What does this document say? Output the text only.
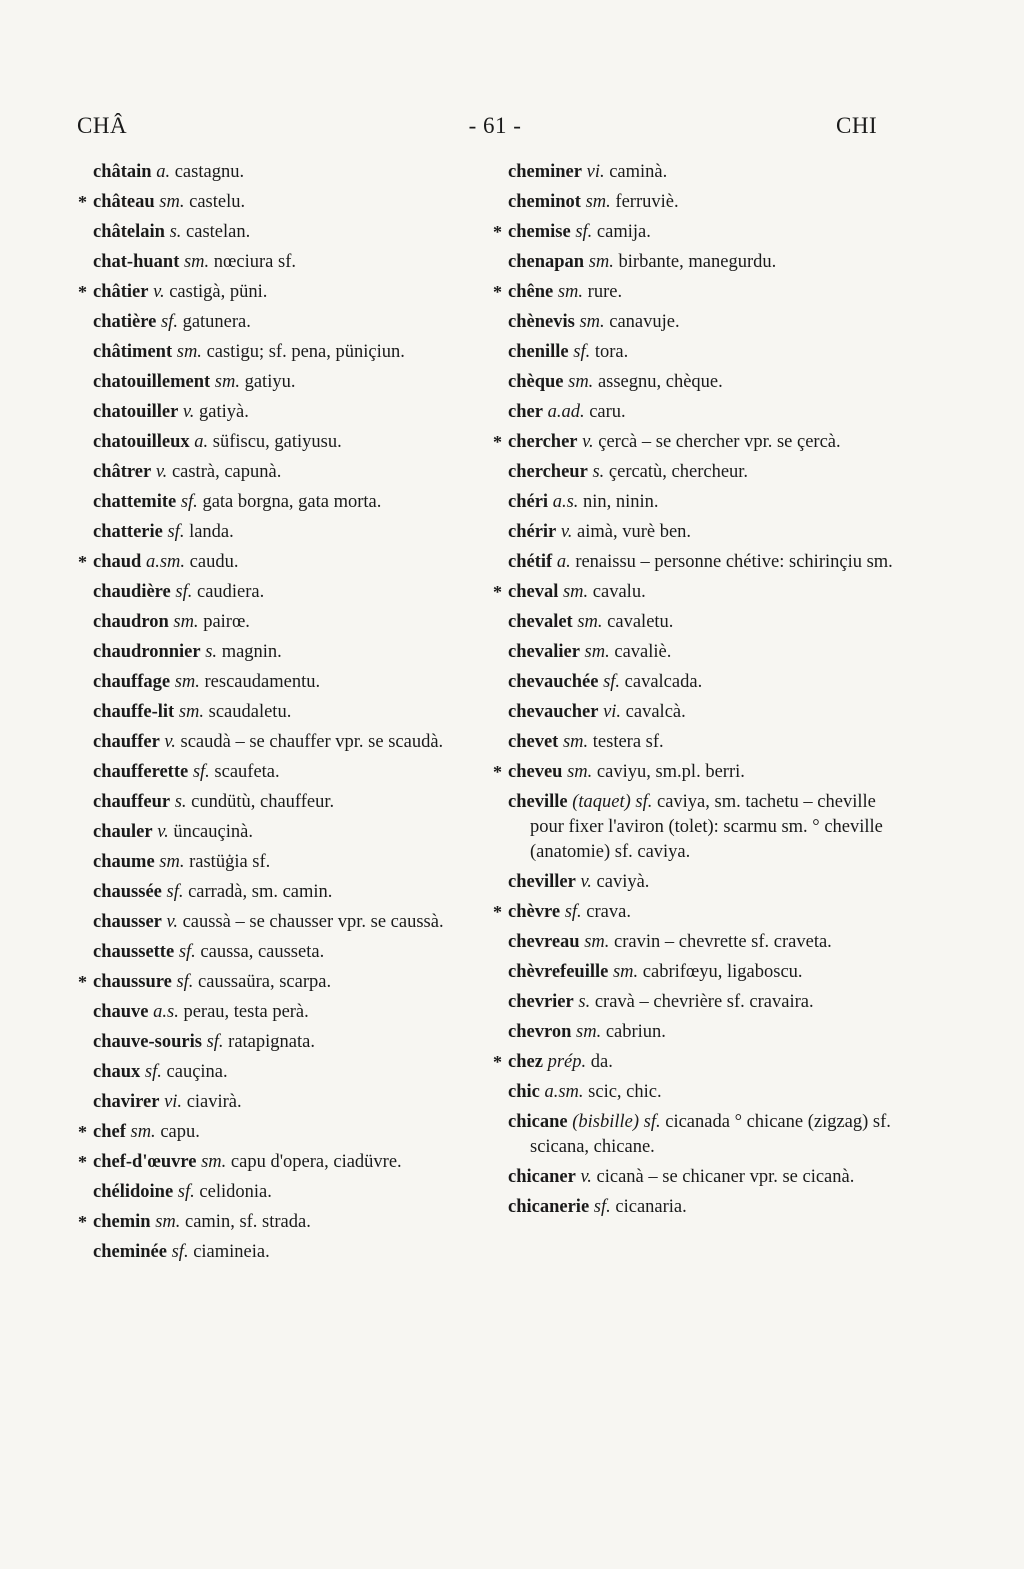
CHÂ	- 61 -	CHI
châtain a. castagnu.
* château sm. castelu.
châtelain s. castelan.
chat-huant sm. nœciura sf.
* châtier v. castigà, püni.
chatière sf. gatunera.
châtiment sm. castigu; sf. pena, püniçiun.
chatouillement sm. gatiyu.
chatouiller v. gatiyà.
chatouilleux a. süfiscu, gatiyusu.
châtrer v. castrà, capunà.
chattemite sf. gata borgna, gata morta.
chatterie sf. landa.
* chaud a.sm. caudu.
chaudière sf. caudiera.
chaudron sm. pairœ.
chaudronnier s. magnin.
chauffage sm. rescaudamentu.
chauffe-lit sm. scaudaletu.
chauffer v. scaudà – se chauffer vpr. se scaudà.
chaufferette sf. scaufeta.
chauffeur s. cundütù, chauffeur.
chauler v. üncauçinà.
chaume sm. rastüġia sf.
chaussée sf. carradà, sm. camin.
chausser v. caussà – se chausser vpr. se caussà.
chaussette sf. caussa, causseta.
* chaussure sf. caussaüra, scarpa.
chauve a.s. perau, testa perà.
chauve-souris sf. ratapignata.
chaux sf. cauçina.
chavirer vi. ciavirà.
* chef sm. capu.
* chef-d'œuvre sm. capu d'opera, ciadüvre.
chélidoine sf. celidonia.
* chemin sm. camin, sf. strada.
cheminée sf. ciamineia.
cheminer vi. caminà.
cheminot sm. ferruviè.
* chemise sf. camija.
chenapan sm. birbante, manegurdu.
* chêne sm. rure.
chènevis sm. canavuje.
chenille sf. tora.
chèque sm. assegnu, chèque.
cher a.ad. caru.
* chercher v. çercà – se chercher vpr. se çercà.
chercheur s. çercatù, chercheur.
chéri a.s. nin, ninin.
chérir v. aimà, vurè ben.
chétif a. renaissu – personne chétive: schirinçiu sm.
* cheval sm. cavalu.
chevalet sm. cavaletu.
chevalier sm. cavaliè.
chevauchée sf. cavalcada.
chevaucher vi. cavalcà.
chevet sm. testera sf.
* cheveu sm. caviyu, sm.pl. berri.
cheville (taquet) sf. caviya, sm. tachetu – cheville pour fixer l'aviron (tolet): scarmu sm. ° cheville (anatomie) sf. caviya.
cheviller v. caviyà.
* chèvre sf. crava.
chevreau sm. cravin – chevrette sf. craveta.
chèvrefeuille sm. cabrifœyu, ligaboscu.
chevrier s. cravà – chevrière sf. cravaira.
chevron sm. cabriun.
* chez prép. da.
chic a.sm. scic, chic.
chicane (bisbille) sf. cicanada ° chicane (zigzag) sf. scicana, chicane.
chicaner v. cicanà – se chicaner vpr. se cicanà.
chicanerie sf. cicanaria.
